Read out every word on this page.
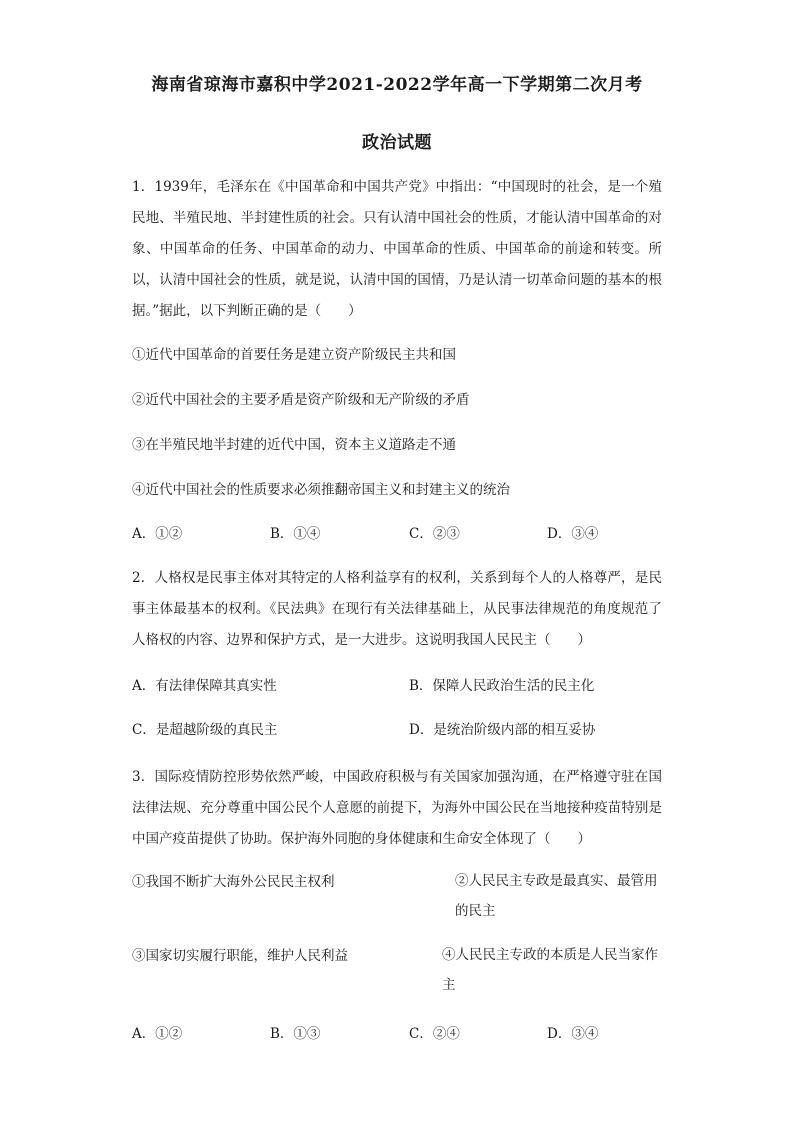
海南省琼海市嘉积中学2021-2022学年高一下学期第二次月考
政治试题
1．1939年，毛泽东在《中国革命和中国共产党》中指出：“中国现时的社会，是一个殖民地、半殖民地、半封建性质的社会。只有认清中国社会的性质，才能认清中国革命的对象、中国革命的任务、中国革命的动力、中国革命的性质、中国革命的前途和转变。所以，认清中国社会的性质，就是说，认清中国的国情，乃是认清一切革命问题的基本的根据。”据此，以下判断正确的是（　　）
①近代中国革命的首要任务是建立资产阶级民主共和国
②近代中国社会的主要矛盾是资产阶级和无产阶级的矛盾
③在半殖民地半封建的近代中国，资本主义道路走不通
④近代中国社会的性质要求必须推翻帝国主义和封建主义的统治
A．①②	B．①④	C．②③	D．③④
2．人格权是民事主体对其特定的人格利益享有的权利，关系到每个人的人格尊严，是民事主体最基本的权利。《民法典》在现行有关法律基础上，从民事法律规范的角度规范了人格权的内容、边界和保护方式，是一大进步。这说明我国人民民主（　　）
A．有法律保障其真实性	B．保障人民政治生活的民主化
C．是超越阶级的真民主	D．是统治阶级内部的相互妥协
3．国际疫情防控形势依然严峻，中国政府积极与有关国家加强沟通，在严格遵守驻在国法律法规、充分尊重中国公民个人意愿的前提下，为海外中国公民在当地接种疫苗特别是中国产疫苗提供了协助。保护海外同胞的身体健康和生命安全体现了（　　）
①我国不断扩大海外公民民主权利	②人民民主专政是最真实、最管用的民主
③国家切实履行职能，维护人民利益	④人民民主专政的本质是人民当家作主
A．①②	B．①③	C．②④	D．③④
